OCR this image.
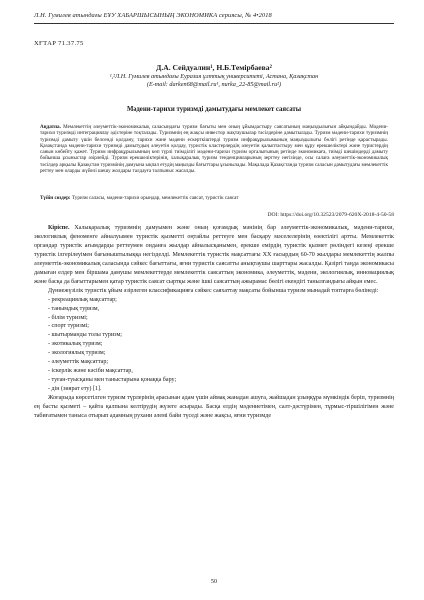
Л.Н. Гумилев атындағы ЕҰУ ХАБАРШЫСЫНЫҢ ЭКОНОМИКА сериясы, № 4•2018
ХҒТАР 71.37.75
Д.А. Сейдуалин¹, Н.Б.Темірбаева²
¹,²Л.Н. Гумилев атындағы Еуразия ұлттық университеті, Астана, Қазақстан
(E-mail: darken68@mail.ru¹, nurka_22-85@mail.ru²)
Мәдени-тарихи туризмді дамытудағы мемлекет саясаты
Аңдатпа. Мемлекеттің әлеуметтік-экономикалық саласындағы туризм бағыты мен оның ұйымдастыру саясатының маңыздылығын айқындайды. Мәдени-тарихи туризмді интеграциялау әдістеріне тоқталады. Туризмнің ең жақсы инвестор жақтаушылар тәсілдеріне дамытылады. Туризм мәдени-тарихи туризмнің туризмді дамыту үшін белсенді қолдану, тарихи және мәдени ескерткіштерді туризм инфрақұрылымының маңыздылығы бөлігі ретінде қарастырады. Қазақстанда мәдени-тарихи туризмді дамытудың әлеуетін қолдау, туристік кластерлердің әлеуетін қалыптастыру мен құру ерекшеліктері және туристердің санын көбейту қажет. Туризм инфрақұрылымның көп түрлі тиімділігі мәдени-тарихи туризм орталығының ретінде экономикаға, тиімді шешімдерді дамыту бойынша ұсыныстар әзірлейді. Туризм ерекшеліктерінің, халықаралық туризм тенденцияларының зерттеу негізінде, осы салаға әлеуметтік-экономикалық тәсілдер арқылы Қазақстан туризмінің дамуына ықпал етудің маңызды бағыттары ұсынылады. Мақалада Қазақстанда туризм саласын дамытудағы мемлекеттік реттеу мен оларды жүйелі шешу жолдары талдауға талпыныс жасалды.
Түйін сөздер: Туризм саласы, мәдени-тарихи орындар, мемлекеттік саясат, туристік саясат
DOI: https://doi.org/10.32523/2079-620X-2018-4-50-58

Кіріспе. Халықаралық туризмнің дамуымен және оның қоғамдық мәнінің бар әлеуметтік-экономикалық, мәдени-тарихи, экологиялық феноменге айналуымен туристік қызметті оңтайлы реттеуге мен басқару мәселелерінің өзектілігі артты. Мемлекеттік органдар туристік ағымдарды реттеумен онданға жылдар айналысқанымен, ерекше емірдің туристік қызмет рөліндегі кезеңі ерекше туристік ілгерілеуімен бағыныштылыққа негізделді. Мемлекеттік туристік мақсаттағы ХХ ғасырдың 60-70 жылдары мемлекеттің жалпы әлеуметтік-экономикалық саласында сәйкес бағыттағы, яғни туристік саясатты анықтаушы шарттары жасалды. Қазіргі таңда экономикасы дамыған елдер мен біршама дамушы мемлекеттерде мемлекеттік саясаттың экономика, әлеуметтік, мәдени, экологиялық, инновациялық және басқа да бағыттарымен қатар туристік саясат сыртқы және ішкі саясаттың ажырамас бөлігі екендігі танылғандығы айқын емес.

Дүниежүзілік туристік ұйым әзірлеген классификацияға сәйкес саяхаттау мақсаты бойынша туризм мынадай топтарға бөлінеді:

- рекреациялық мақсаттар;
- танымдық туризм,
- білім туризмі;
- спорт туризмі;
- шытырманды толы туризм;
- экотикалық туризм;
- экологиялық туризм;
- әлеуметтік мақсаттар;
- іскерлік және кәсіби мақсаттар,
- туған-туысқаны мен таныстарына қонаққа бару;
- дін (зиярат ету) [1].

Жоғарыда көрсетілген туризм түрлерінің арасынан адам үшін аймақ жанадан ашуға, жайшадан ұзыңқұра мүмкіндік беріп, туризмнің ең басты қызметі – қайта қалпына келтірудің жүзеге асырады. Басқа елдің мәдениетімен, салт-дәстүрімен, тұрмыс-тіршілігімен және табиғатымен таныса отырып адамның рухани әлемі байи түседі және жақсы, яғни туризмде

50
